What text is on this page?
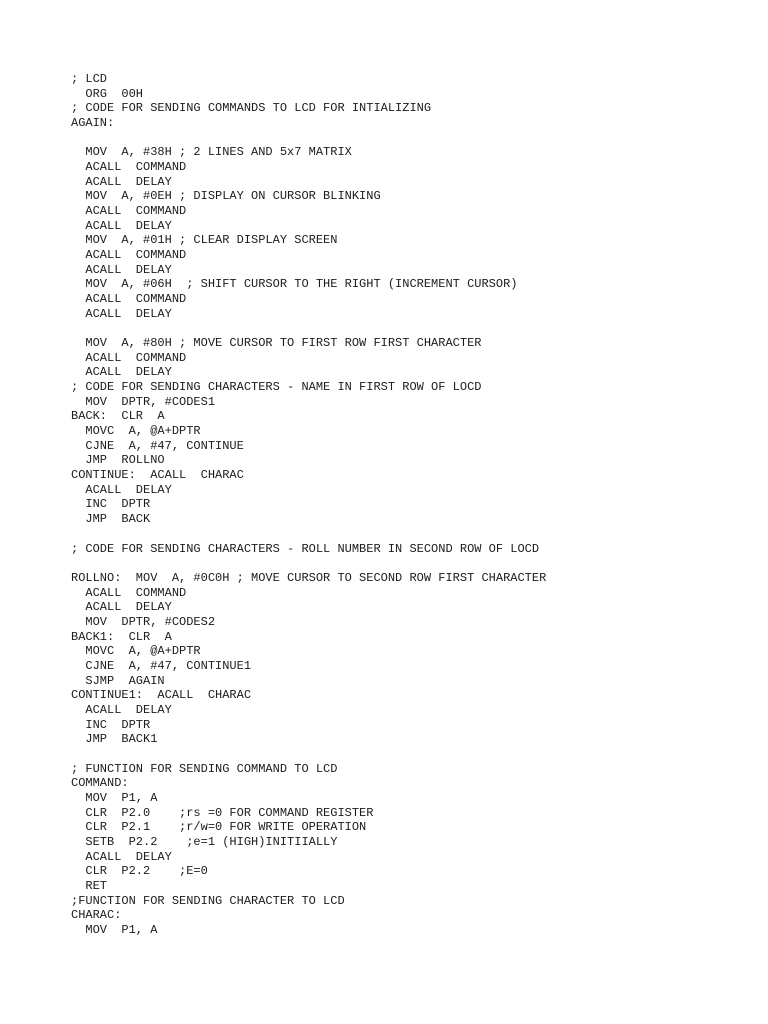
; LCD
ORG  00H
; CODE FOR SENDING COMMANDS TO LCD FOR INTIALIZING
AGAIN:
MOV  A, #38H ; 2 LINES AND 5x7 MATRIX
ACALL  COMMAND
ACALL  DELAY
MOV  A, #0EH ; DISPLAY ON CURSOR BLINKING
ACALL  COMMAND
ACALL  DELAY
MOV  A, #01H ; CLEAR DISPLAY SCREEN
ACALL  COMMAND
ACALL  DELAY
MOV  A, #06H  ; SHIFT CURSOR TO THE RIGHT (INCREMENT CURSOR)
ACALL  COMMAND
ACALL  DELAY
MOV  A, #80H ; MOVE CURSOR TO FIRST ROW FIRST CHARACTER
ACALL  COMMAND
ACALL  DELAY
; CODE FOR SENDING CHARACTERS - NAME IN FIRST ROW OF LOCD
MOV  DPTR, #CODES1
BACK:  CLR  A
MOVC  A, @A+DPTR
CJNE  A, #47, CONTINUE
JMP  ROLLNO
CONTINUE:  ACALL  CHARAC
ACALL  DELAY
INC  DPTR
JMP  BACK
; CODE FOR SENDING CHARACTERS - ROLL NUMBER IN SECOND ROW OF LOCD
ROLLNO:  MOV  A, #0C0H ; MOVE CURSOR TO SECOND ROW FIRST CHARACTER
ACALL  COMMAND
ACALL  DELAY
MOV  DPTR, #CODES2
BACK1:  CLR  A
MOVC  A, @A+DPTR
CJNE  A, #47, CONTINUE1
SJMP  AGAIN
CONTINUE1:  ACALL  CHARAC
ACALL  DELAY
INC  DPTR
JMP  BACK1
; FUNCTION FOR SENDING COMMAND TO LCD
COMMAND:
MOV  P1, A
CLR  P2.0    ;rs =0 FOR COMMAND REGISTER
CLR  P2.1    ;r/w=0 FOR WRITE OPERATION
SETB  P2.2    ;e=1 (HIGH)INITIIALLY
ACALL  DELAY
CLR  P2.2    ;E=0
RET
;FUNCTION FOR SENDING CHARACTER TO LCD
CHARAC:
MOV  P1, A
